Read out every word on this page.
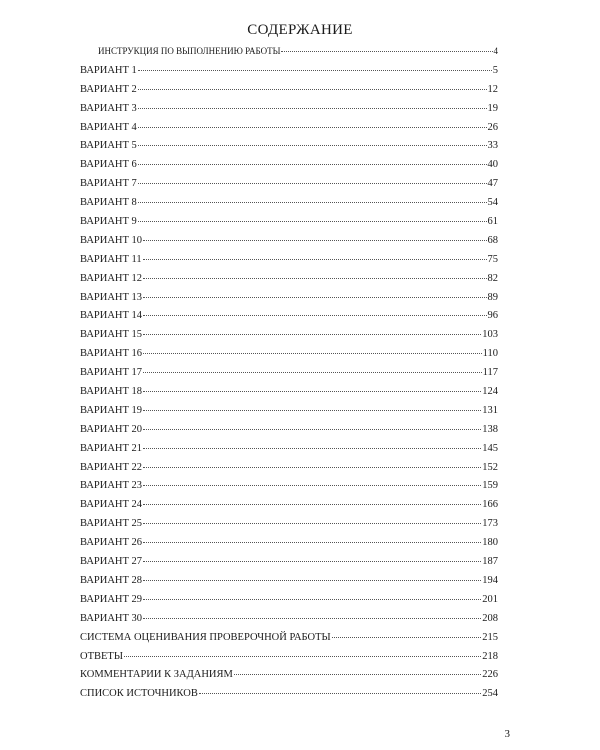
СОДЕРЖАНИЕ
ИНСТРУКЦИЯ ПО ВЫПОЛНЕНИЮ РАБОТЫ	4
ВАРИАНТ 1	5
ВАРИАНТ 2	12
ВАРИАНТ 3	19
ВАРИАНТ 4	26
ВАРИАНТ 5	33
ВАРИАНТ 6	40
ВАРИАНТ 7	47
ВАРИАНТ 8	54
ВАРИАНТ 9	61
ВАРИАНТ 10	68
ВАРИАНТ 11	75
ВАРИАНТ 12	82
ВАРИАНТ 13	89
ВАРИАНТ 14	96
ВАРИАНТ 15	103
ВАРИАНТ 16	110
ВАРИАНТ 17	117
ВАРИАНТ 18	124
ВАРИАНТ 19	131
ВАРИАНТ 20	138
ВАРИАНТ 21	145
ВАРИАНТ 22	152
ВАРИАНТ 23	159
ВАРИАНТ 24	166
ВАРИАНТ 25	173
ВАРИАНТ 26	180
ВАРИАНТ 27	187
ВАРИАНТ 28	194
ВАРИАНТ 29	201
ВАРИАНТ 30	208
СИСТЕМА ОЦЕНИВАНИЯ ПРОВЕРОЧНОЙ РАБОТЫ	215
ОТВЕТЫ	218
КОММЕНТАРИИ К ЗАДАНИЯМ	226
СПИСОК ИСТОЧНИКОВ	254
3
